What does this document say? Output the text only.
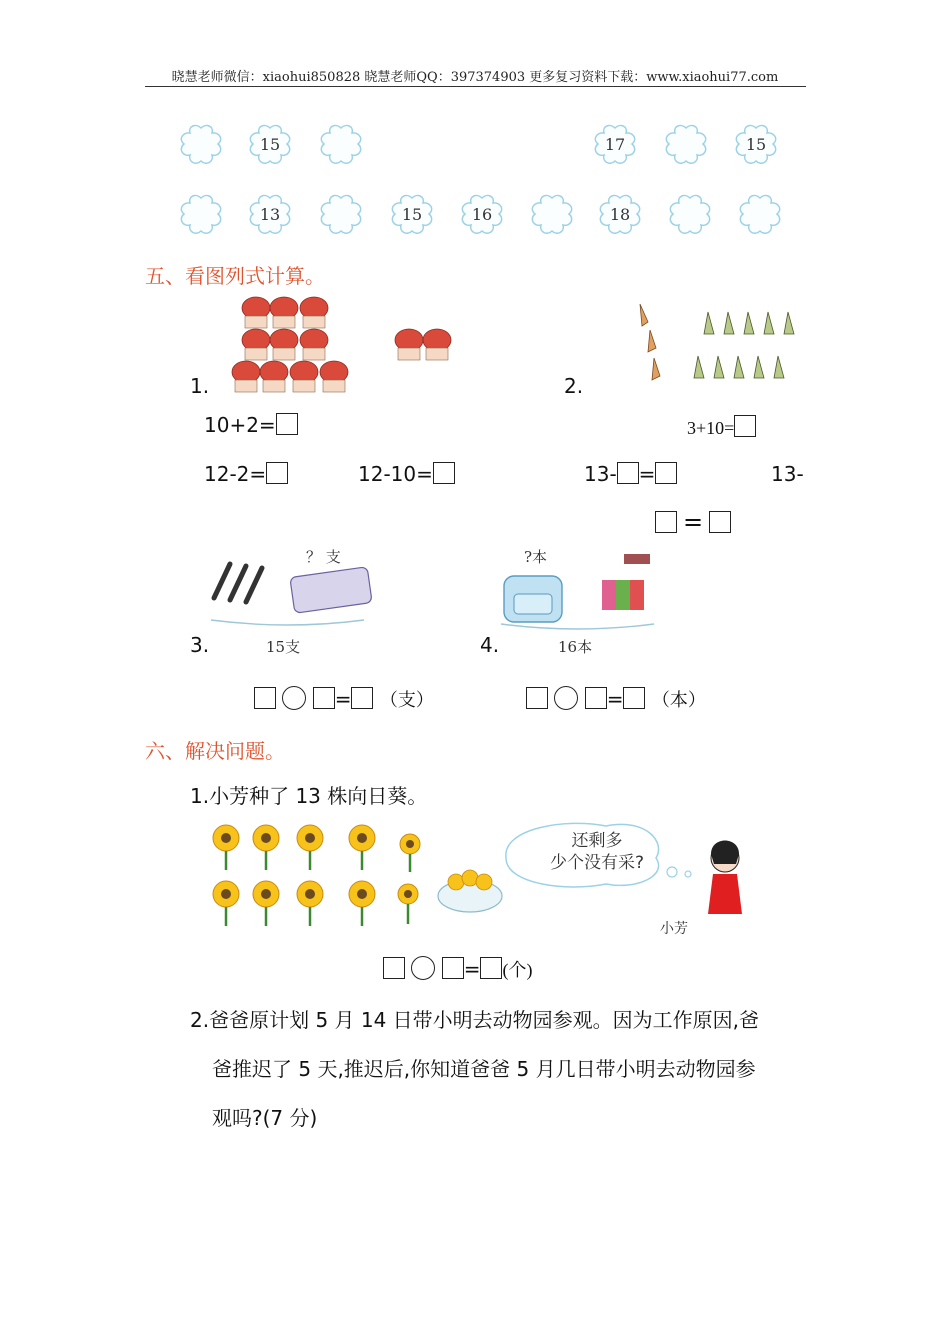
晓慧老师微信：xiaohui850828 晓慧老师QQ：397374903 更多复习资料下载：www.xiaohui77.com
15	17	15
13	15	16	18
五、看图列式计算。
1.
10+2=
12-2=	12-10=
2.
3+10=
13- =	13-
=
？ 支
15支
3.
?本
16本
4.
= （支）	= （本）
六、解决问题。
1.小芳种了 13 株向日葵。
还剩多
少个没有采?
小芳
= (个)
2.爸爸原计划 5 月 14 日带小明去动物园参观。因为工作原因,爸
爸推迟了 5 天,推迟后,你知道爸爸 5 月几日带小明去动物园参
观吗?(7 分)
